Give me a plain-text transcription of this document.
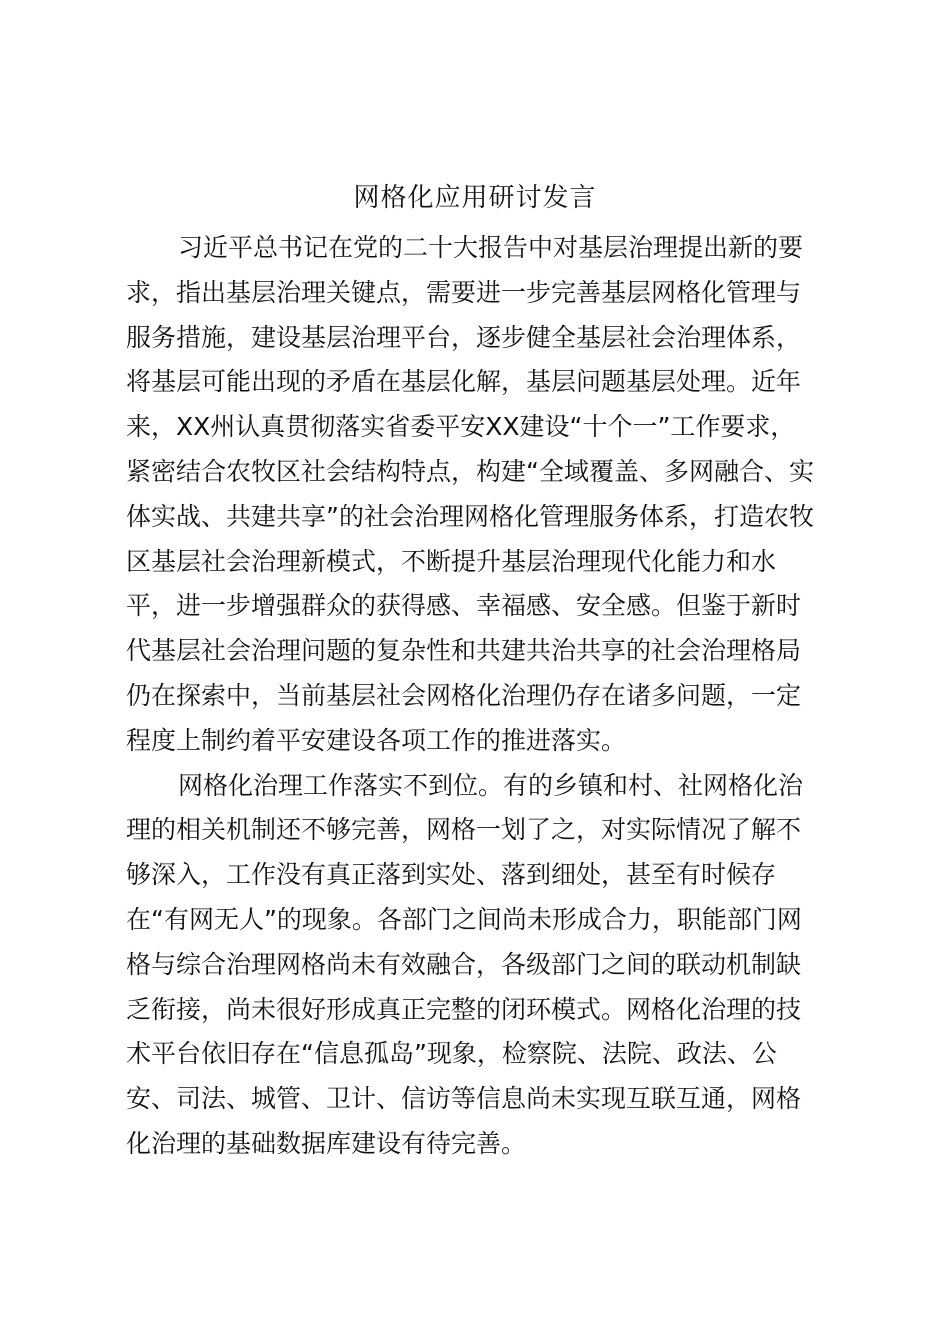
网格化应用研讨发言
习近平总书记在党的二十大报告中对基层治理提出新的要
求，指出基层治理关键点，需要进一步完善基层网格化管理与
服务措施，建设基层治理平台，逐步健全基层社会治理体系，
将基层可能出现的矛盾在基层化解，基层问题基层处理。近年
来，XX州认真贯彻落实省委平安XX建设“十个一”工作要求，
紧密结合农牧区社会结构特点，构建“全域覆盖、多网融合、实
体实战、共建共享”的社会治理网格化管理服务体系，打造农牧
区基层社会治理新模式，不断提升基层治理现代化能力和水
平，进一步增强群众的获得感、幸福感、安全感。但鉴于新时
代基层社会治理问题的复杂性和共建共治共享的社会治理格局
仍在探索中，当前基层社会网格化治理仍存在诸多问题，一定
程度上制约着平安建设各项工作的推进落实。
网格化治理工作落实不到位。有的乡镇和村、社网格化治
理的相关机制还不够完善，网格一划了之，对实际情况了解不
够深入，工作没有真正落到实处、落到细处，甚至有时候存
在“有网无人”的现象。各部门之间尚未形成合力，职能部门网
格与综合治理网格尚未有效融合，各级部门之间的联动机制缺
乏衔接，尚未很好形成真正完整的闭环模式。网格化治理的技
术平台依旧存在“信息孤岛”现象，检察院、法院、政法、公
安、司法、城管、卫计、信访等信息尚未实现互联互通，网格
化治理的基础数据库建设有待完善。
